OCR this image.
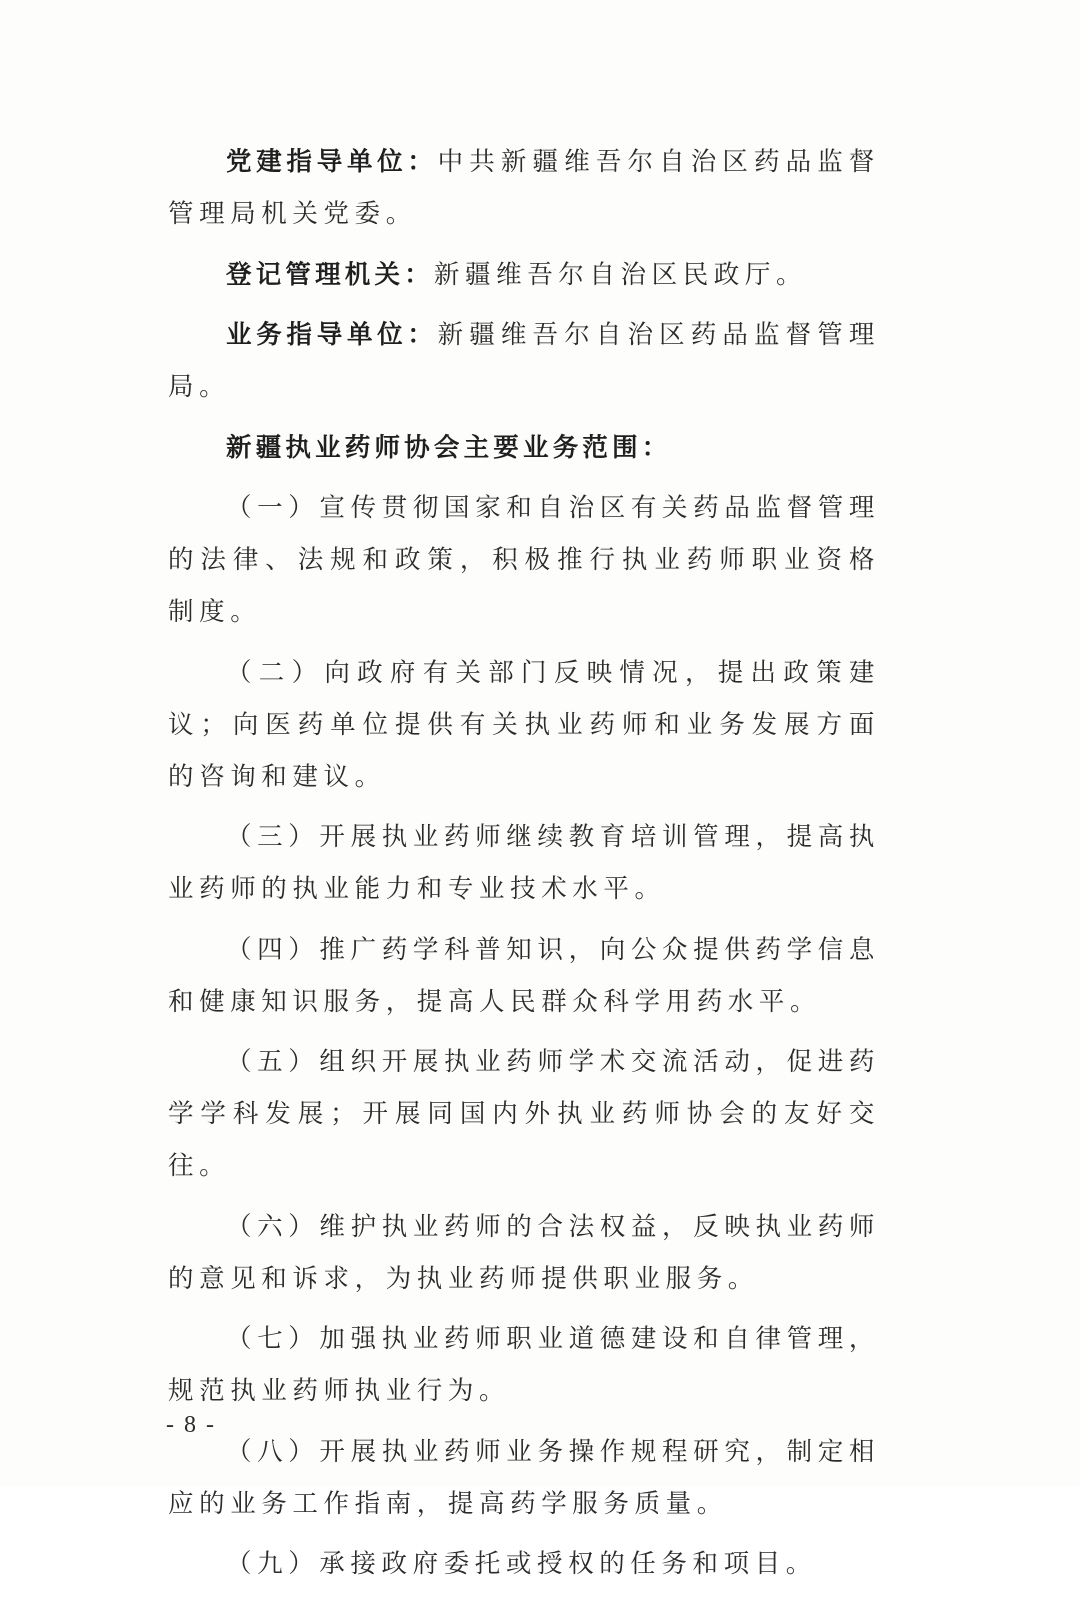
党建指导单位：中共新疆维吾尔自治区药品监督管理局机关党委。

登记管理机关：新疆维吾尔自治区民政厅。

业务指导单位：新疆维吾尔自治区药品监督管理局。

新疆执业药师协会主要业务范围：

（一）宣传贯彻国家和自治区有关药品监督管理的法律、法规和政策，积极推行执业药师职业资格制度。

（二）向政府有关部门反映情况，提出政策建议；向医药单位提供有关执业药师和业务发展方面的咨询和建议。

（三）开展执业药师继续教育培训管理，提高执业药师的执业能力和专业技术水平。

（四）推广药学科普知识，向公众提供药学信息和健康知识服务，提高人民群众科学用药水平。

（五）组织开展执业药师学术交流活动，促进药学学科发展；开展同国内外执业药师协会的友好交往。

（六）维护执业药师的合法权益，反映执业药师的意见和诉求，为执业药师提供职业服务。

（七）加强执业药师职业道德建设和自律管理，规范执业药师执业行为。

（八）开展执业药师业务操作规程研究，制定相应的业务工作指南，提高药学服务质量。

（九）承接政府委托或授权的任务和项目。

- 8 -
